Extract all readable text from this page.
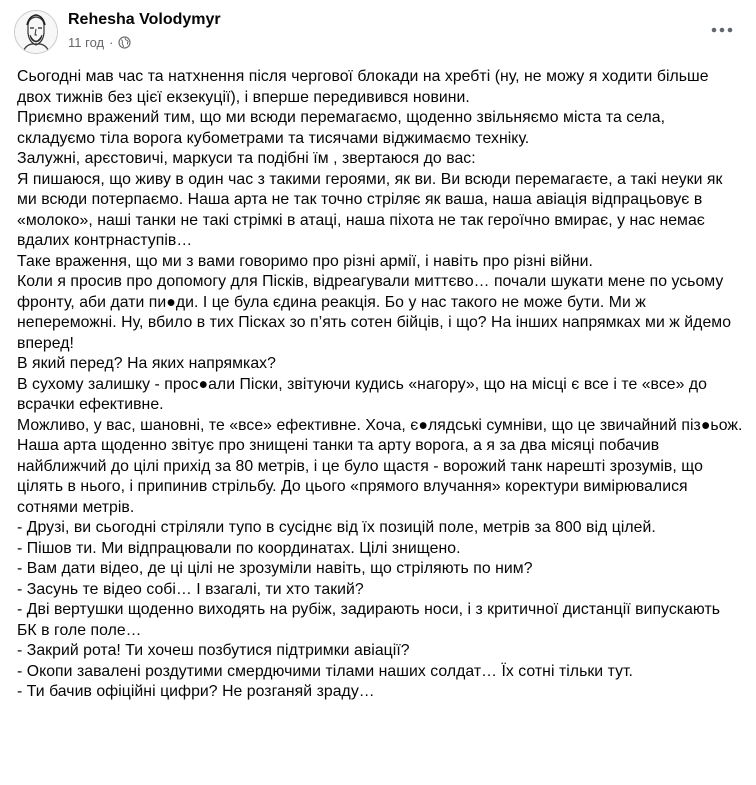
Rehesha Volodymyr
11 год ·

Сьогодні мав час та натхнення після чергової блокади на хребті (ну, не можу я ходити більше двох тижнів без цієї екзекуції), і вперше передивився новини.

Приємно вражений тим, що ми всюди перемагаємо, щоденно звільняємо міста та села, складуємо тіла ворога кубометрами та тисячами віджимаємо техніку.

Залужні, арєстовичі, маркуси та подібні їм , звертаюся до вас:

Я пишаюся, що живу в один час з такими героями, як ви. Ви всюди перемагаєте, а такі неуки як ми всюди потерпаємо. Наша арта не так точно стріляє як ваша, наша авіація відпрацьовує в «молоко», наші танки не такі стрімкі в атаці, наша піхота не так героїчно вмирає, у нас немає вдалих контрнаступів…

Таке враження, що ми з вами говоримо про різні армії, і навіть про різні війни.

Коли я просив про допомогу для Пісків, відреагували миттєво… почали шукати мене по усьому фронту, аби дати пи●ди. І це була єдина реакція. Бо у нас такого не може бути. Ми ж непереможні. Ну, вбило в тих Пісках зо п’ять сотен бійців, і що? На інших напрямках ми ж йдемо вперед!

В який перед? На яких напрямках?

В сухому залишку - прос●али Піски, звітуючи кудись «нагору», що на місці є все і те «все» до всрачки ефективне.

Можливо, у вас, шановні, те «все» ефективне. Хоча, є●лядські сумніви, що це звичайний піз●ьож.

Наша арта щоденно звітує про знищені танки та арту ворога, а я за два місяці побачив найближчий до цілі прихід за 80 метрів, і це було щастя - ворожий танк нарешті зрозумів, що цілять в нього, і припинив стрільбу. До цього «прямого влучання» коректури вимірювалися сотнями метрів.

- Друзі, ви сьогодні стріляли тупо в сусіднє від їх позицій поле, метрів за 800 від цілей.

- Пішов ти. Ми відпрацювали по координатах. Цілі знищено.

- Вам дати відео, де ці цілі не зрозуміли навіть, що стріляють по ним?

- Засунь те відео собі… І взагалі, ти хто такий?

- Дві вертушки щоденно виходять на рубіж, задирають носи, і з критичної дистанції випускають БК в голе поле…

- Закрий рота! Ти хочеш позбутися підтримки авіації?

- Окопи завалені роздутими смердючими тілами наших солдат… Їх сотні тільки тут.

- Ти бачив офіційні цифри? Не розганяй зраду…
